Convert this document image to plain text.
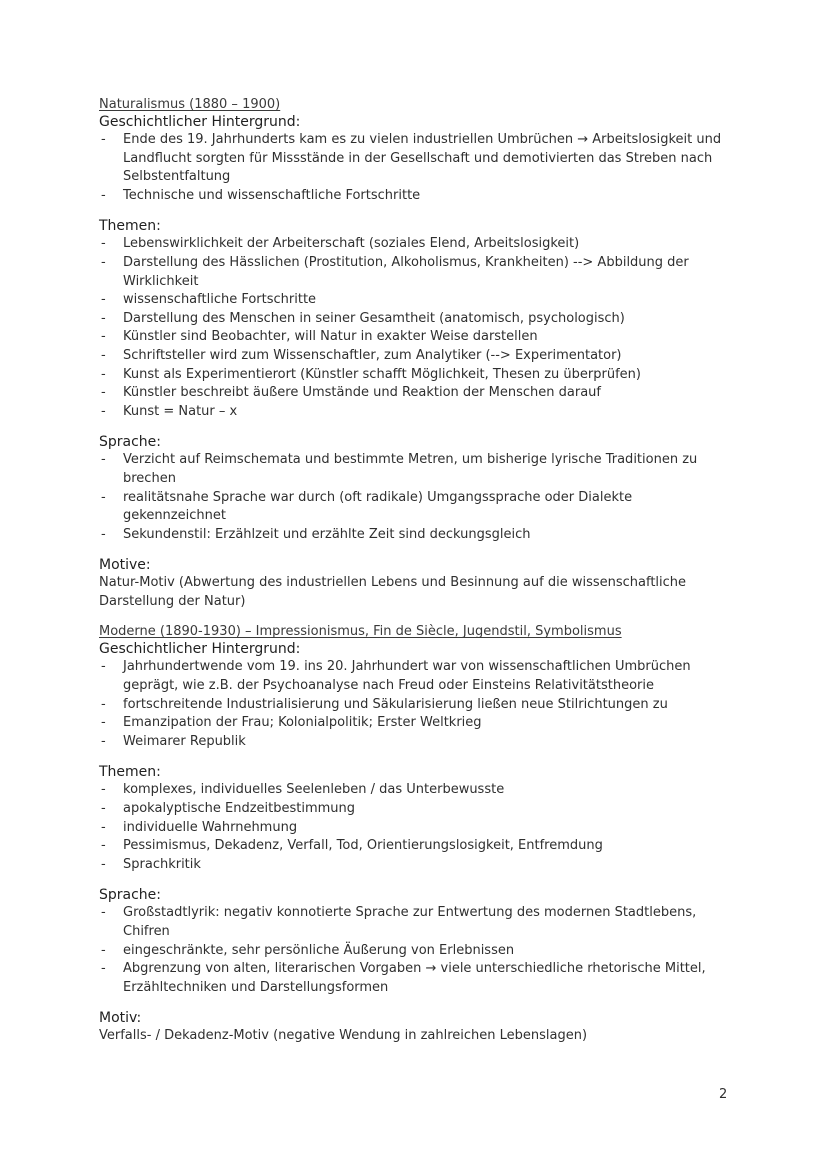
Naturalismus (1880 – 1900)

Geschichtlicher Hintergrund:

- Ende des 19. Jahrhunderts kam es zu vielen industriellen Umbrüchen → Arbeitslosigkeit und Landflucht sorgten für Missstände in der Gesellschaft und demotivierten das Streben nach Selbstentfaltung
- Technische und wissenschaftliche Fortschritte

Themen:

- Lebenswirklichkeit der Arbeiterschaft (soziales Elend, Arbeitslosigkeit)
- Darstellung des Hässlichen (Prostitution, Alkoholismus, Krankheiten) --> Abbildung der Wirklichkeit
- wissenschaftliche Fortschritte
- Darstellung des Menschen in seiner Gesamtheit (anatomisch, psychologisch)
- Künstler sind Beobachter, will Natur in exakter Weise darstellen
- Schriftsteller wird zum Wissenschaftler, zum Analytiker (--> Experimentator)
- Kunst als Experimentierort (Künstler schafft Möglichkeit, Thesen zu überprüfen)
- Künstler beschreibt äußere Umstände und Reaktion der Menschen darauf
- Kunst = Natur – x

Sprache:

- Verzicht auf Reimschemata und bestimmte Metren, um bisherige lyrische Traditionen zu brechen
- realitätsnahe Sprache war durch (oft radikale) Umgangssprache oder Dialekte gekennzeichnet
- Sekundenstil: Erzählzeit und erzählte Zeit sind deckungsgleich

Motive:

Natur-Motiv (Abwertung des industriellen Lebens und Besinnung auf die wissenschaftliche Darstellung der Natur)

Moderne (1890-1930) – Impressionismus, Fin de Siècle, Jugendstil, Symbolismus

Geschichtlicher Hintergrund:

- Jahrhundertwende vom 19. ins 20. Jahrhundert war von wissenschaftlichen Umbrüchen geprägt, wie z.B. der Psychoanalyse nach Freud oder Einsteins Relativitätstheorie
- fortschreitende Industrialisierung und Säkularisierung ließen neue Stilrichtungen zu
- Emanzipation der Frau; Kolonialpolitik; Erster Weltkrieg
- Weimarer Republik

Themen:

- komplexes, individuelles Seelenleben / das Unterbewusste
- apokalyptische Endzeitbestimmung
- individuelle Wahrnehmung
- Pessimismus, Dekadenz, Verfall, Tod, Orientierungslosigkeit, Entfremdung
- Sprachkritik

Sprache:

- Großstadtlyrik: negativ konnotierte Sprache zur Entwertung des modernen Stadtlebens, Chifren
- eingeschränkte, sehr persönliche Äußerung von Erlebnissen
- Abgrenzung von alten, literarischen Vorgaben → viele unterschiedliche rhetorische Mittel, Erzähltechniken und Darstellungsformen

Motiv:

Verfalls- / Dekadenz-Motiv (negative Wendung in zahlreichen Lebenslagen)

2
